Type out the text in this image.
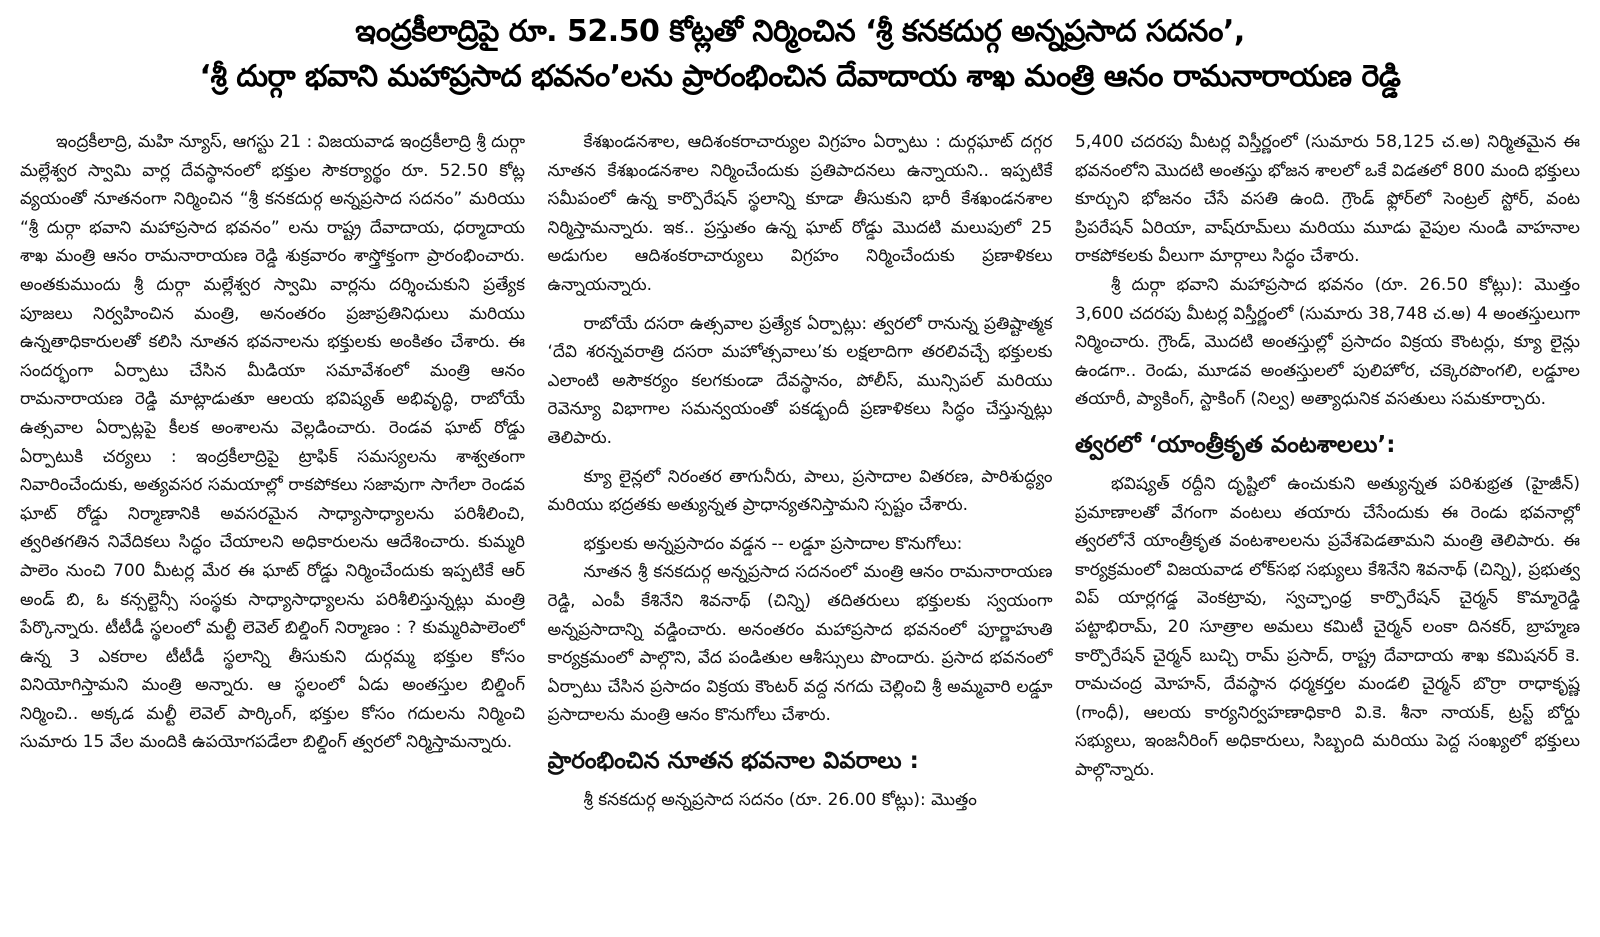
ఇంద్రకీలాద్రిపై రూ. 52.50 కోట్లతో నిర్మించిన ‘శ్రీ కనకదుర్గ అన్నప్రసాద సదనం’,
‘శ్రీ దుర్గా భవాని మహాప్రసాద భవనం’లను ప్రారంభించిన దేవాదాయ శాఖ మంత్రి ఆనం రామనారాయణ రెడ్డి

ఇంద్రకీలాద్రి, మహి న్యూస్, ఆగస్టు 21 : విజయవాడ ఇంద్రకీలాద్రి శ్రీ దుర్గా మల్లేశ్వర స్వామి వార్ల దేవస్థానంలో భక్తుల సౌకర్యార్థం రూ. 52.50 కోట్ల వ్యయంతో నూతనంగా నిర్మించిన “శ్రీ కనకదుర్గ అన్నప్రసాద సదనం” మరియు “శ్రీ దుర్గా భవాని మహాప్రసాద భవనం” లను రాష్ట్ర దేవాదాయ, ధర్మాదాయ శాఖ మంత్రి ఆనం రామనారాయణ రెడ్డి శుక్రవారం శాస్త్రోక్తంగా ప్రారంభించారు. అంతకుముందు శ్రీ దుర్గా మల్లేశ్వర స్వామి వార్లను దర్శించుకుని ప్రత్యేక పూజలు నిర్వహించిన మంత్రి, అనంతరం ప్రజాప్రతినిధులు మరియు ఉన్నతాధికారులతో కలిసి నూతన భవనాలను భక్తులకు అంకితం చేశారు. ఈ సందర్భంగా ఏర్పాటు చేసిన మీడియా సమావేశంలో మంత్రి ఆనం రామనారాయణ రెడ్డి మాట్లాడుతూ ఆలయ భవిష్యత్ అభివృద్ధి, రాబోయే ఉత్సవాల ఏర్పాట్లపై కీలక అంశాలను వెల్లడించారు. రెండవ ఘాట్ రోడ్డు ఏర్పాటుకి చర్యలు : ఇంద్రకీలాద్రిపై ట్రాఫిక్ సమస్యలను శాశ్వతంగా నివారించేందుకు, అత్యవసర సమయాల్లో రాకపోకలు సజావుగా సాగేలా రెండవ ఘాట్ రోడ్డు నిర్మాణానికి అవసరమైన సాధ్యాసాధ్యాలను పరిశీలించి, త్వరితగతిన నివేదికలు సిద్ధం చేయాలని అధికారులను ఆదేశించారు. కుమ్మరి పాలెం నుంచి 700 మీటర్ల మేర ఈ ఘాట్ రోడ్డు నిర్మించేందుకు ఇప్పటికే ఆర్ అండ్ బి, ఓ కన్సల్టెన్సీ సంస్థకు సాధ్యాసాధ్యాలను పరిశీలిస్తున్నట్లు మంత్రి పేర్కొన్నారు. టీటీడీ స్థలంలో మల్టీ లెవెల్ బిల్డింగ్ నిర్మాణం : ? కుమ్మరిపాలెంలో ఉన్న 3 ఎకరాల టీటీడీ స్థలాన్ని తీసుకుని దుర్గమ్మ భక్తుల కోసం వినియోగిస్తామని మంత్రి అన్నారు. ఆ స్థలంలో ఏడు అంతస్తుల బిల్డింగ్ నిర్మించి.. అక్కడ మల్టీ లెవెల్ పార్కింగ్, భక్తుల కోసం గదులను నిర్మించి సుమారు 15 వేల మందికి ఉపయోగపడేలా బిల్డింగ్ త్వరలో నిర్మిస్తామన్నారు.

కేశఖండనశాల, ఆదిశంకరాచార్యుల విగ్రహం ఏర్పాటు : దుర్గఘాట్ దగ్గర నూతన కేశఖండనశాల నిర్మించేందుకు ప్రతిపాదనలు ఉన్నాయని.. ఇప్పటికే సమీపంలో ఉన్న కార్పొరేషన్ స్థలాన్ని కూడా తీసుకుని భారీ కేశఖండనశాల నిర్మిస్తామన్నారు. ఇక.. ప్రస్తుతం ఉన్న ఘాట్ రోడ్డు మొదటి మలుపులో 25 అడుగుల ఆదిశంకరాచార్యులు విగ్రహం నిర్మించేందుకు ప్రణాళికలు ఉన్నాయన్నారు.

రాబోయే దసరా ఉత్సవాల ప్రత్యేక ఏర్పాట్లు: త్వరలో రానున్న ప్రతిష్టాత్మక ‘దేవి శరన్నవరాత్రి దసరా మహోత్సవాలు’కు లక్షలాదిగా తరలివచ్చే భక్తులకు ఎలాంటి అసౌకర్యం కలగకుండా దేవస్థానం, పోలీస్, మున్సిపల్ మరియు రెవెన్యూ విభాగాల సమన్వయంతో పకడ్బందీ ప్రణాళికలు సిద్ధం చేస్తున్నట్లు తెలిపారు.

క్యూ లైన్లలో నిరంతర తాగునీరు, పాలు, ప్రసాదాల వితరణ, పారిశుద్ధ్యం మరియు భద్రతకు అత్యున్నత ప్రాధాన్యతనిస్తామని స్పష్టం చేశారు.

భక్తులకు అన్నప్రసాదం వడ్డన -- లడ్డూ ప్రసాదాల కొనుగోలు:

నూతన శ్రీ కనకదుర్గ అన్నప్రసాద సదనంలో మంత్రి ఆనం రామనారాయణ రెడ్డి, ఎంపీ కేశినేని శివనాథ్ (చిన్ని) తదితరులు భక్తులకు స్వయంగా అన్నప్రసాదాన్ని వడ్డించారు. అనంతరం మహాప్రసాద భవనంలో పూర్ణాహుతి కార్యక్రమంలో పాల్గొని, వేద పండితుల ఆశీస్సులు పొందారు. ప్రసాద భవనంలో ఏర్పాటు చేసిన ప్రసాదం విక్రయ కౌంటర్ వద్ద నగదు చెల్లించి శ్రీ అమ్మవారి లడ్డూ ప్రసాదాలను మంత్రి ఆనం కొనుగోలు చేశారు.

ప్రారంభించిన నూతన భవనాల వివరాలు :

శ్రీ కనకదుర్గ అన్నప్రసాద సదనం (రూ. 26.00 కోట్లు): మొత్తం

5,400 చదరపు మీటర్ల విస్తీర్ణంలో (సుమారు 58,125 చ.అ) నిర్మితమైన ఈ భవనంలోని మొదటి అంతస్తు భోజన శాలలో ఒకే విడతలో 800 మంది భక్తులు కూర్చుని భోజనం చేసే వసతి ఉంది. గ్రౌండ్ ఫ్లోర్‌లో సెంట్రల్ స్టోర్, వంట ప్రిపరేషన్ ఏరియా, వాష్‌రూమ్‌లు మరియు మూడు వైపుల నుండి వాహనాల రాకపోకలకు వీలుగా మార్గాలు సిద్ధం చేశారు.

శ్రీ దుర్గా భవాని మహాప్రసాద భవనం (రూ. 26.50 కోట్లు): మొత్తం 3,600 చదరపు మీటర్ల విస్తీర్ణంలో (సుమారు 38,748 చ.అ) 4 అంతస్తులుగా నిర్మించారు. గ్రౌండ్, మొదటి అంతస్తుల్లో ప్రసాదం విక్రయ కౌంటర్లు, క్యూ లైన్లు ఉండగా.. రెండు, మూడవ అంతస్తులలో పులిహోర, చక్కెరపొంగలి, లడ్డూల తయారీ, ప్యాకింగ్, స్టాకింగ్ (నిల్వ) అత్యాధునిక వసతులు సమకూర్చారు.

త్వరలో ‘యాంత్రీకృత వంటశాలలు’:

భవిష్యత్ రద్దీని దృష్టిలో ఉంచుకుని అత్యున్నత పరిశుభ్రత (హైజీన్) ప్రమాణాలతో వేగంగా వంటలు తయారు చేసేందుకు ఈ రెండు భవనాల్లో త్వరలోనే యాంత్రీకృత వంటశాలలను ప్రవేశపెడతామని మంత్రి తెలిపారు. ఈ కార్యక్రమంలో విజయవాడ లోక్‌సభ సభ్యులు కేశినేని శివనాథ్ (చిన్ని), ప్రభుత్వ విప్ యార్లగడ్డ వెంకట్రావు, స్వచ్ఛాంధ్ర కార్పొరేషన్ చైర్మన్ కొమ్మారెడ్డి పట్టాభిరామ్, 20 సూత్రాల అమలు కమిటీ చైర్మన్ లంకా దినకర్, బ్రాహ్మణ కార్పొరేషన్ చైర్మన్ బుచ్చి రామ్ ప్రసాద్, రాష్ట్ర దేవాదాయ శాఖ కమిషనర్ కె. రామచంద్ర మోహన్, దేవస్థాన ధర్మకర్తల మండలి చైర్మన్ బొర్రా రాధాకృష్ణ (గాంధీ), ఆలయ కార్యనిర్వహణాధికారి వి.కె. శీనా నాయక్, ట్రస్ట్ బోర్డు సభ్యులు, ఇంజనీరింగ్ అధికారులు, సిబ్బంది మరియు పెద్ద సంఖ్యలో భక్తులు పాల్గొన్నారు.
